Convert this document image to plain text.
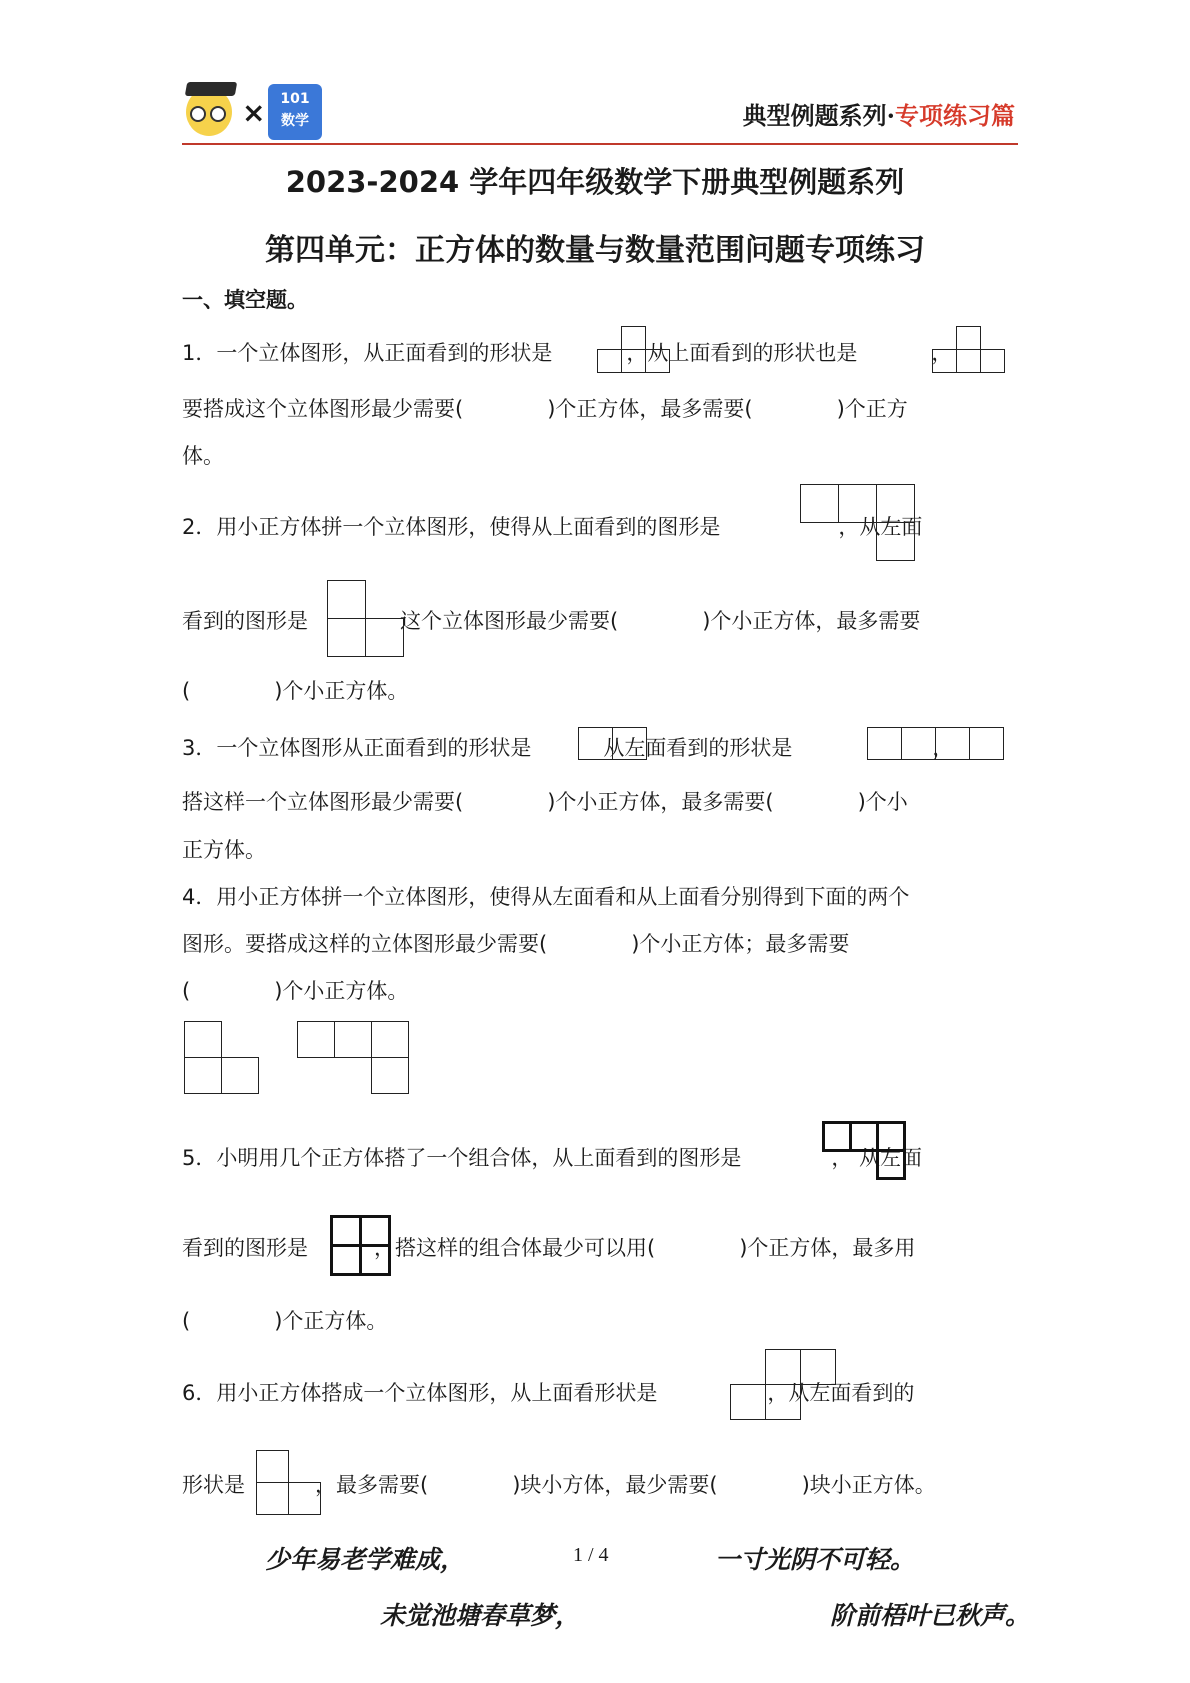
×	101
数学	典型例题系列·专项练习篇
2023-2024 学年四年级数学下册典型例题系列
第四单元：正方体的数量与数量范围问题专项练习
一、填空题。
1．一个立体图形，从正面看到的形状是	，从上面看到的形状也是	，
要搭成这个立体图形最少需要(　　　　)个正方体，最多需要(　　　　)个正方
体。
2．用小正方体拼一个立体图形，使得从上面看到的图形是	，从左面
看到的图形是	这个立体图形最少需要(　　　　)个小正方体，最多需要
(　　　　)个小正方体。
3．一个立体图形从正面看到的形状是	从左面看到的形状是	，
搭这样一个立体图形最少需要(　　　　)个小正方体，最多需要(　　　　)个小
正方体。
4．用小正方体拼一个立体图形，使得从左面看和从上面看分别得到下面的两个
图形。要搭成这样的立体图形最少需要(　　　　)个小正方体；最多需要
(　　　　)个小正方体。
5．小明用几个正方体搭了一个组合体，从上面看到的图形是	， 从左面
看到的图形是	，搭这样的组合体最少可以用(　　　　)个正方体，最多用
(　　　　)个正方体。
6．用小正方体搭成一个立体图形，从上面看形状是	，从左面看到的
形状是	，最多需要(　　　　)块小方体，最少需要(　　　　)块小正方体。
少年易老学难成，	1 / 4	一寸光阴不可轻。
未觉池塘春草梦，	阶前梧叶已秋声。
